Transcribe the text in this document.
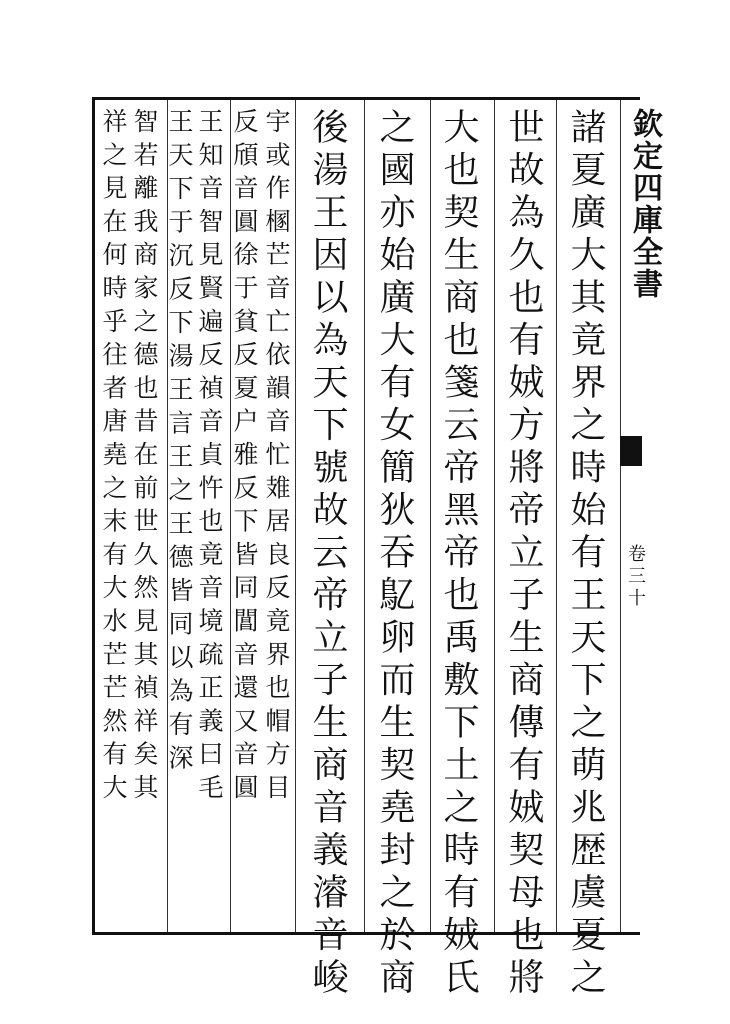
欽定四庫全書
卷三十
諸夏廣大其竟界之時始有王天下之萌兆歴虞夏之
世故為久也有娀方將帝立子生商傳有娀契母也將
大也契生商也箋云帝黑帝也禹敷下土之時有娀氏
之國亦始廣大有女簡狄吞鳦卵而生契堯封之於商
後湯王因以為天下號故云帝立子生商音義濬音峻
宇或作㮯芒音亡依韻音忙䧴居良反竟界也帽方目
反頎音圓徐于貧反夏户雅反下皆同閶音還又音圓
王知音智見賢遍反禎音貞忤也竟音境疏正義曰毛
王天下于沉反下湯王言王之王德皆同以為有深
智若離我商家之德也昔在前世久然見其禎祥矣其
祥之見在何時乎往者唐堯之末有大水芒芒然有大
